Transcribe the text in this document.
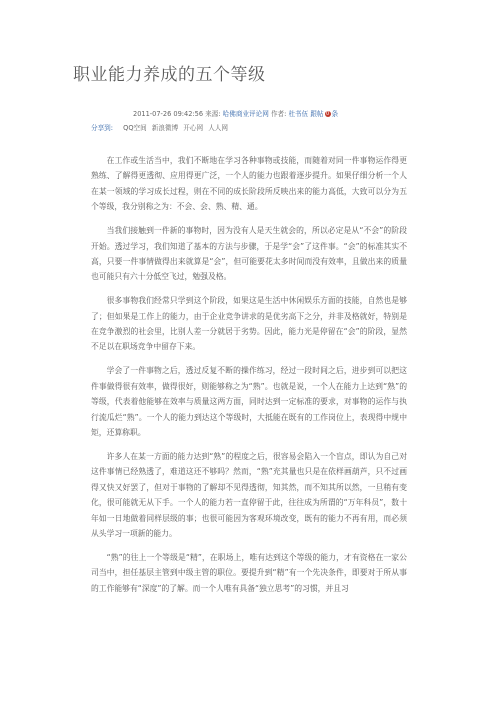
职业能力养成的五个等级
2011-07-26 09:42:56 来源: 哈佛商业评论网 作者: 杜书伍 跟帖 0 条
分享到: QQ空间 新浪微博 开心网 人人网

在工作或生活当中，我们不断地在学习各种事物或技能，而随着对同一件事物运作得更熟练、了解得更透彻、应用得更广泛，一个人的能力也跟着逐步提升。如果仔细分析一个人在某一领域的学习成长过程，则在不同的成长阶段所反映出来的能力高低，大致可以分为五个等级，我分别称之为：不会、会、熟、精、通。

当我们接触到一件新的事物时，因为没有人是天生就会的，所以必定是从“不会”的阶段开始。透过学习，我们知道了基本的方法与步骤，于是学“会”了这件事。“会”的标准其实不高，只要一件事情做得出来就算是“会”，但可能要花太多时间而没有效率，且做出来的质量也可能只有六十分低空飞过，勉强及格。

很多事物我们经常只学到这个阶段，如果这是生活中休闲娱乐方面的技能，自然也是够了；但如果是工作上的能力，由于企业竞争讲求的是优劣高下之分，并非及格就好，特别是在竞争激烈的社会里，比别人差一分就居于劣势。因此，能力光是停留在“会”的阶段，显然不足以在职场竞争中留存下来。

学会了一件事物之后，透过反复不断的操作练习，经过一段时间之后，进步到可以把这件事做得很有效率，做得很好，则能够称之为“熟”。也就是说，一个人在能力上达到“熟”的等级，代表着他能够在效率与质量这两方面，同时达到一定标准的要求，对事物的运作与执行流瓜烂“熟”。一个人的能力到达这个等级时，大抵能在既有的工作岗位上，表现得中规中矩，还算称职。

许多人在某一方面的能力达到“熟”的程度之后，很容易会陷入一个盲点，即认为自己对这件事情已经熟透了，难道这还不够吗？然而，“熟”充其量也只是在依样画葫芦，只不过画得又快又好罢了，但对于事物的了解却不见得透彻，知其然，而不知其所以然，一旦稍有变化，很可能就无从下手。一个人的能力若一直停留于此，往往成为所谓的“万年科员”，数十年如一日地做着同样层级的事；也很可能因为客观环境改变，既有的能力不再有用，而必须从头学习一项新的能力。

“熟”的往上一个等级是“精”，在职场上，唯有达到这个等级的能力，才有资格在一家公司当中，担任基层主管到中级主管的职位。要提升到“精”有一个先决条件，即要对于所从事的工作能够有“深度”的了解。而一个人唯有具备“独立思考”的习惯，并且习
